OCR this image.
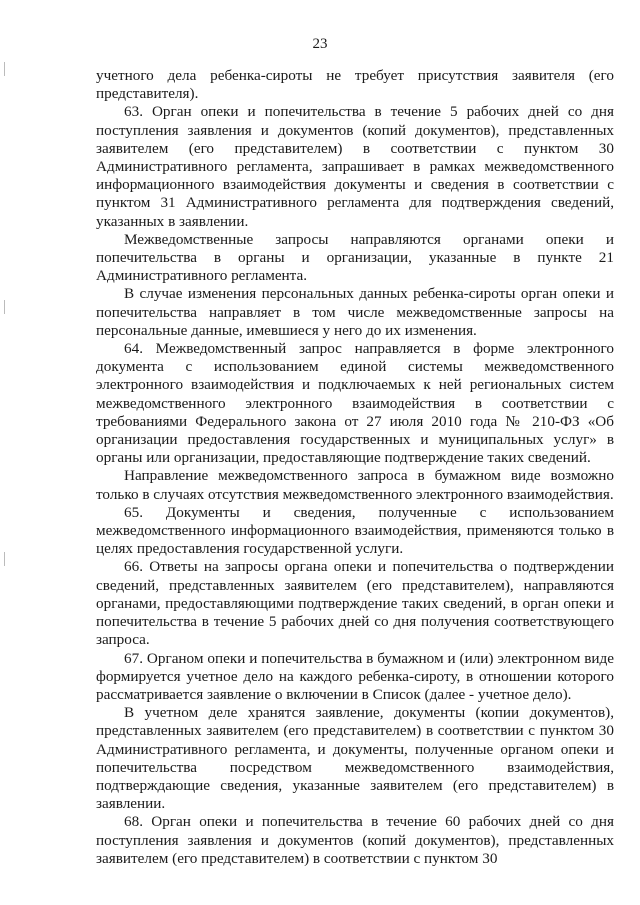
23

учетного дела ребенка-сироты не требует присутствия заявителя (его представителя).

63. Орган опеки и попечительства в течение 5 рабочих дней со дня поступления заявления и документов (копий документов), представленных заявителем (его представителем) в соответствии с пунктом 30 Административного регламента, запрашивает в рамках межведомственного информационного взаимодействия документы и сведения в соответствии с пунктом 31 Административного регламента для подтверждения сведений, указанных в заявлении.

Межведомственные запросы направляются органами опеки и попечительства в органы и организации, указанные в пункте 21 Административного регламента.

В случае изменения персональных данных ребенка-сироты орган опеки и попечительства направляет в том числе межведомственные запросы на персональные данные, имевшиеся у него до их изменения.

64. Межведомственный запрос направляется в форме электронного документа с использованием единой системы межведомственного электронного взаимодействия и подключаемых к ней региональных систем межведомственного электронного взаимодействия в соответствии с требованиями Федерального закона от 27 июля 2010 года № 210-ФЗ «Об организации предоставления государственных и муниципальных услуг» в органы или организации, предоставляющие подтверждение таких сведений.

Направление межведомственного запроса в бумажном виде возможно только в случаях отсутствия межведомственного электронного взаимодействия.

65. Документы и сведения, полученные с использованием межведомственного информационного взаимодействия, применяются только в целях предоставления государственной услуги.

66. Ответы на запросы органа опеки и попечительства о подтверждении сведений, представленных заявителем (его представителем), направляются органами, предоставляющими подтверждение таких сведений, в орган опеки и попечительства в течение 5 рабочих дней со дня получения соответствующего запроса.

67. Органом опеки и попечительства в бумажном и (или) электронном виде формируется учетное дело на каждого ребенка-сироту, в отношении которого рассматривается заявление о включении в Список (далее - учетное дело).

В учетном деле хранятся заявление, документы (копии документов), представленных заявителем (его представителем) в соответствии с пунктом 30 Административного регламента, и документы, полученные органом опеки и попечительства посредством межведомственного взаимодействия, подтверждающие сведения, указанные заявителем (его представителем) в заявлении.

68. Орган опеки и попечительства в течение 60 рабочих дней со дня поступления заявления и документов (копий документов), представленных заявителем (его представителем) в соответствии с пунктом 30
